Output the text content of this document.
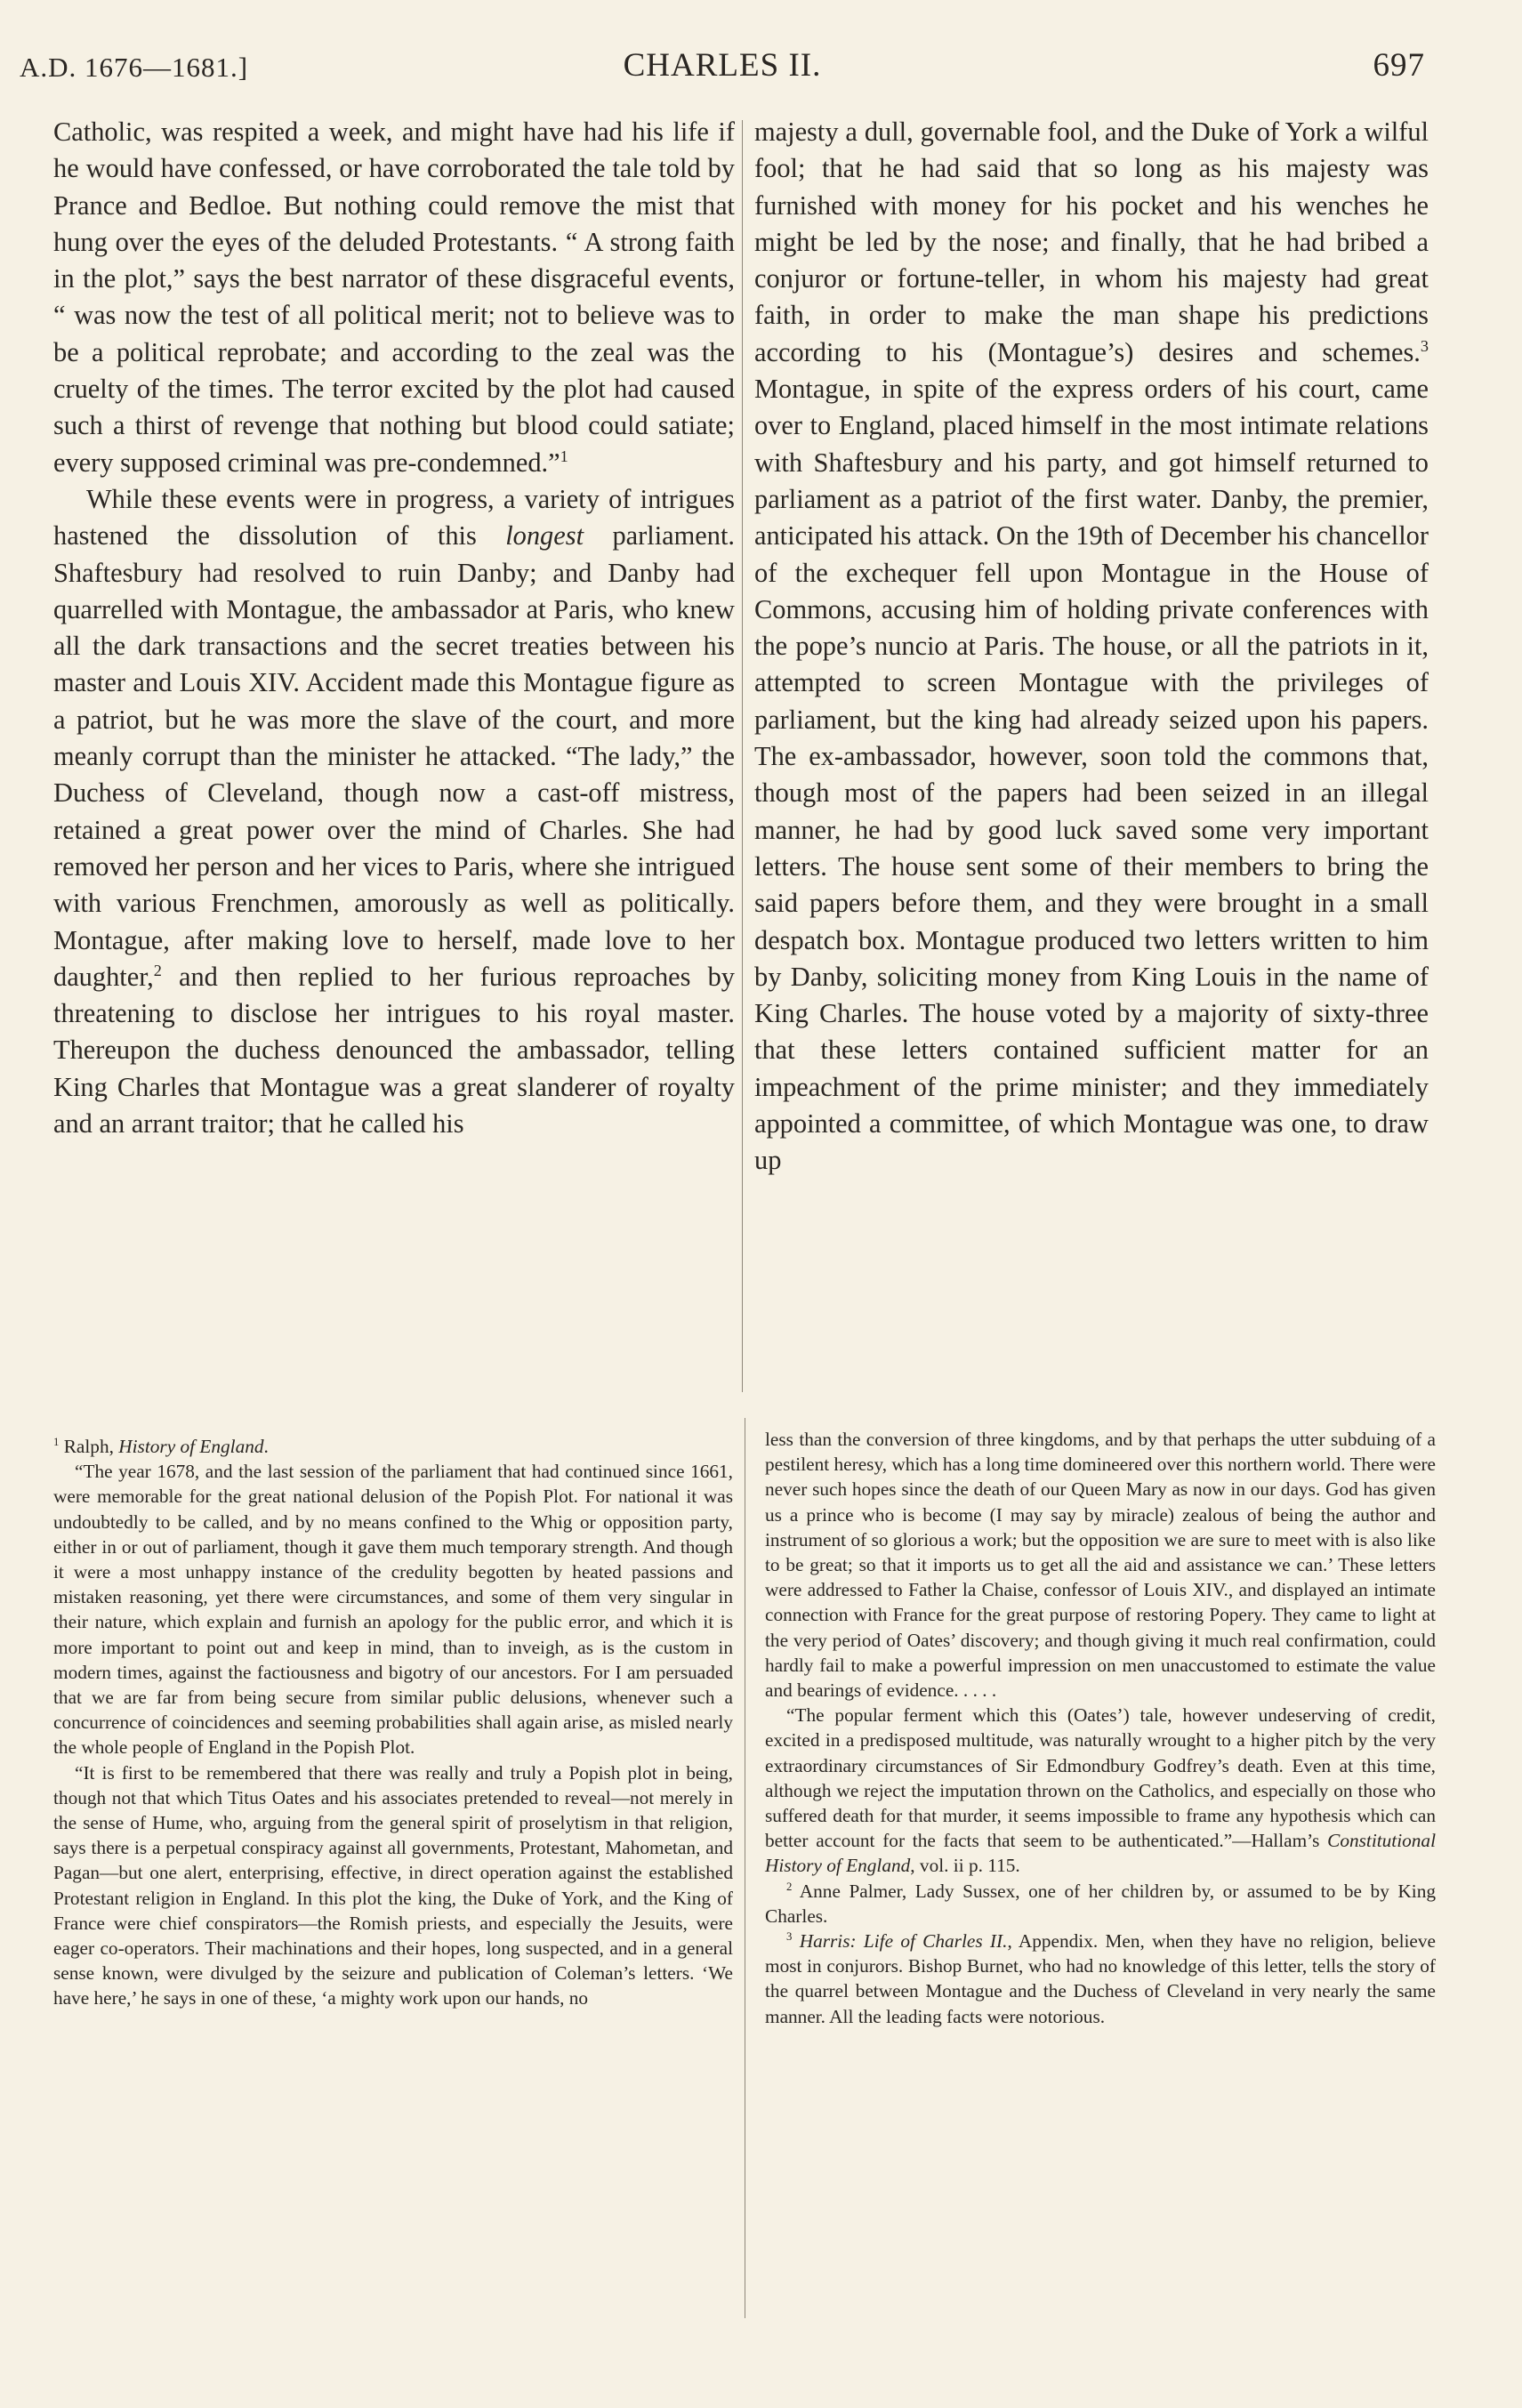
A.D. 1676—1681.]	CHARLES II.	697

Catholic, was respited a week, and might have had his life if he would have confessed, or have corroborated the tale told by Prance and Bedloe. But nothing could remove the mist that hung over the eyes of the deluded Protestants. “ A strong faith in the plot,” says the best narrator of these disgraceful events, “ was now the test of all political merit; not to believe was to be a political reprobate; and according to the zeal was the cruelty of the times. The terror excited by the plot had caused such a thirst of revenge that nothing but blood could satiate; every supposed criminal was pre-condemned.”$^1$

While these events were in progress, a variety of intrigues hastened the dissolution of this longest parliament. Shaftesbury had resolved to ruin Danby; and Danby had quarrelled with Montague, the ambassador at Paris, who knew all the dark transactions and the secret treaties between his master and Louis XIV. Accident made this Montague figure as a patriot, but he was more the slave of the court, and more meanly corrupt than the minister he attacked. “The lady,” the Duchess of Cleveland, though now a cast-off mistress, retained a great power over the mind of Charles. She had removed her person and her vices to Paris, where she intrigued with various Frenchmen, amorously as well as politically. Montague, after making love to herself, made love to her daughter,$^2$ and then replied to her furious reproaches by threatening to disclose her intrigues to his royal master. Thereupon the duchess denounced the ambassador, telling King Charles that Montague was a great slanderer of royalty and an arrant traitor; that he called his

majesty a dull, governable fool, and the Duke of York a wilful fool; that he had said that so long as his majesty was furnished with money for his pocket and his wenches he might be led by the nose; and finally, that he had bribed a conjuror or fortune-teller, in whom his majesty had great faith, in order to make the man shape his predictions according to his (Montague’s) desires and schemes.$^3$ Montague, in spite of the express orders of his court, came over to England, placed himself in the most intimate relations with Shaftesbury and his party, and got himself returned to parliament as a patriot of the first water. Danby, the premier, anticipated his attack. On the 19th of December his chancellor of the exchequer fell upon Montague in the House of Commons, accusing him of holding private conferences with the pope’s nuncio at Paris. The house, or all the patriots in it, attempted to screen Montague with the privileges of parliament, but the king had already seized upon his papers. The ex-ambassador, however, soon told the commons that, though most of the papers had been seized in an illegal manner, he had by good luck saved some very important letters. The house sent some of their members to bring the said papers before them, and they were brought in a small despatch box. Montague produced two letters written to him by Danby, soliciting money from King Louis in the name of King Charles. The house voted by a majority of sixty-three that these letters contained sufficient matter for an impeachment of the prime minister; and they immediately appointed a committee, of which Montague was one, to draw up

$^1$ Ralph, History of England.

“The year 1678, and the last session of the parliament that had continued since 1661, were memorable for the great national delusion of the Popish Plot. For national it was undoubtedly to be called, and by no means confined to the Whig or opposition party, either in or out of parliament, though it gave them much temporary strength. And though it were a most unhappy instance of the credulity begotten by heated passions and mistaken reasoning, yet there were circumstances, and some of them very singular in their nature, which explain and furnish an apology for the public error, and which it is more important to point out and keep in mind, than to inveigh, as is the custom in modern times, against the factiousness and bigotry of our ancestors. For I am persuaded that we are far from being secure from similar public delusions, whenever such a concurrence of coincidences and seeming probabilities shall again arise, as misled nearly the whole people of England in the Popish Plot.

“It is first to be remembered that there was really and truly a Popish plot in being, though not that which Titus Oates and his associates pretended to reveal—not merely in the sense of Hume, who, arguing from the general spirit of proselytism in that religion, says there is a perpetual conspiracy against all governments, Protestant, Mahometan, and Pagan—but one alert, enterprising, effective, in direct operation against the established Protestant religion in England. In this plot the king, the Duke of York, and the King of France were chief conspirators—the Romish priests, and especially the Jesuits, were eager co-operators. Their machinations and their hopes, long suspected, and in a general sense known, were divulged by the seizure and publication of Coleman’s letters. ‘We have here,’ he says in one of these, ‘a mighty work upon our hands, no

less than the conversion of three kingdoms, and by that perhaps the utter subduing of a pestilent heresy, which has a long time domineered over this northern world. There were never such hopes since the death of our Queen Mary as now in our days. God has given us a prince who is become (I may say by miracle) zealous of being the author and instrument of so glorious a work; but the opposition we are sure to meet with is also like to be great; so that it imports us to get all the aid and assistance we can.’ These letters were addressed to Father la Chaise, confessor of Louis XIV., and displayed an intimate connection with France for the great purpose of restoring Popery. They came to light at the very period of Oates’ discovery; and though giving it much real confirmation, could hardly fail to make a powerful impression on men unaccustomed to estimate the value and bearings of evidence. . . . .

“The popular ferment which this (Oates’) tale, however undeserving of credit, excited in a predisposed multitude, was naturally wrought to a higher pitch by the very extraordinary circumstances of Sir Edmondbury Godfrey’s death. Even at this time, although we reject the imputation thrown on the Catholics, and especially on those who suffered death for that murder, it seems impossible to frame any hypothesis which can better account for the facts that seem to be authenticated.”—Hallam’s Constitutional History of England, vol. ii p. 115.

$^2$ Anne Palmer, Lady Sussex, one of her children by, or assumed to be by King Charles.

$^3$ Harris: Life of Charles II., Appendix. Men, when they have no religion, believe most in conjurors. Bishop Burnet, who had no knowledge of this letter, tells the story of the quarrel between Montague and the Duchess of Cleveland in very nearly the same manner. All the leading facts were notorious.
